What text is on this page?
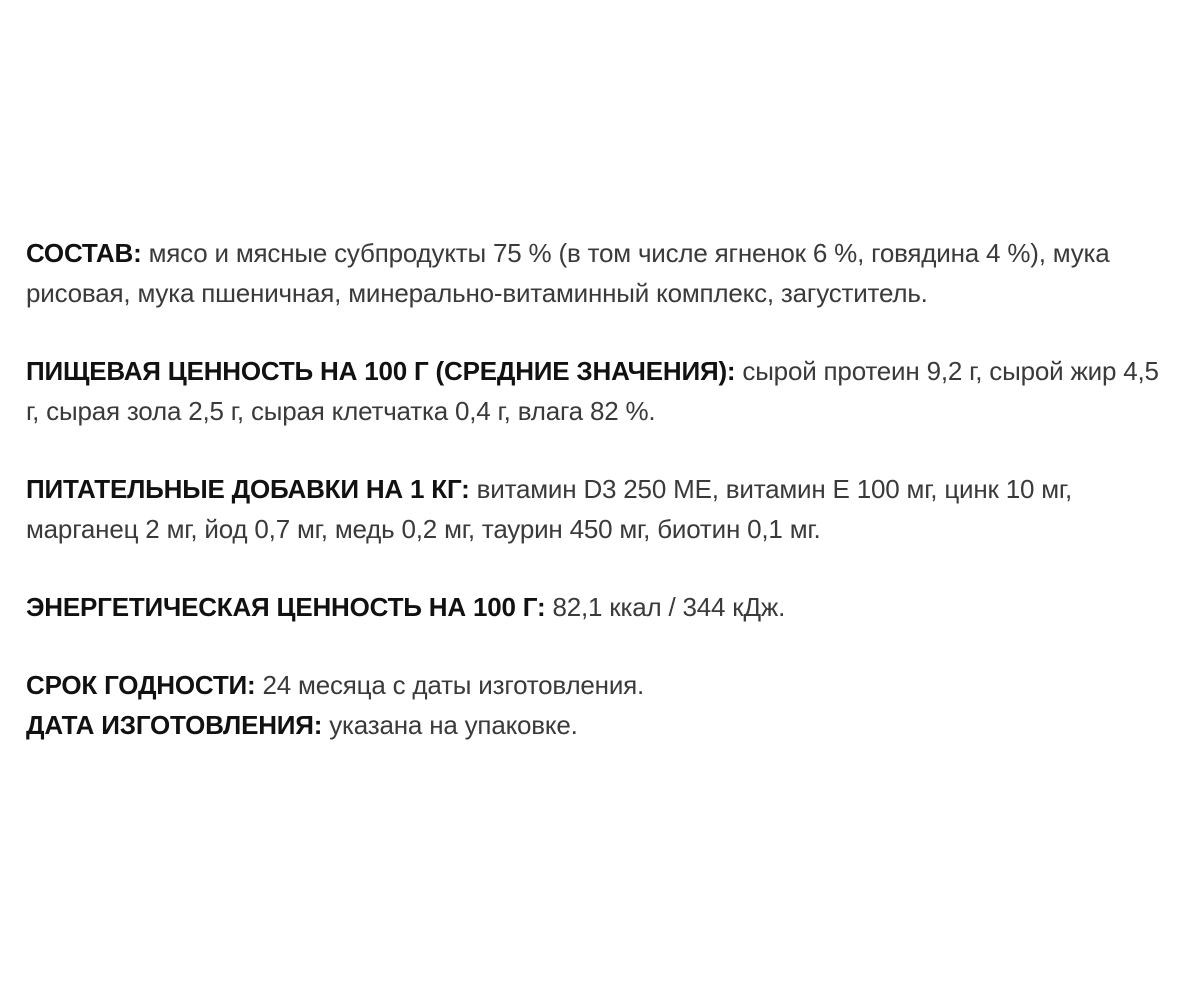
СОСТАВ: мясо и мясные субпродукты 75 % (в том числе ягненок 6 %, говядина 4 %), мука рисовая, мука пшеничная, минерально-витаминный комплекс, загуститель.

ПИЩЕВАЯ ЦЕННОСТЬ НА 100 Г (СРЕДНИЕ ЗНАЧЕНИЯ): сырой протеин 9,2 г, сырой жир 4,5 г, сырая зола 2,5 г, сырая клетчатка 0,4 г, влага 82 %.

ПИТАТЕЛЬНЫЕ ДОБАВКИ НА 1 КГ: витамин D3 250 МЕ, витамин Е 100 мг, цинк 10 мг, марганец 2 мг, йод 0,7 мг, медь 0,2 мг, таурин 450 мг, биотин 0,1 мг.

ЭНЕРГЕТИЧЕСКАЯ ЦЕННОСТЬ НА 100 Г: 82,1 ккал / 344 кДж.

СРОК ГОДНОСТИ: 24 месяца с даты изготовления.

ДАТА ИЗГОТОВЛЕНИЯ: указана на упаковке.
